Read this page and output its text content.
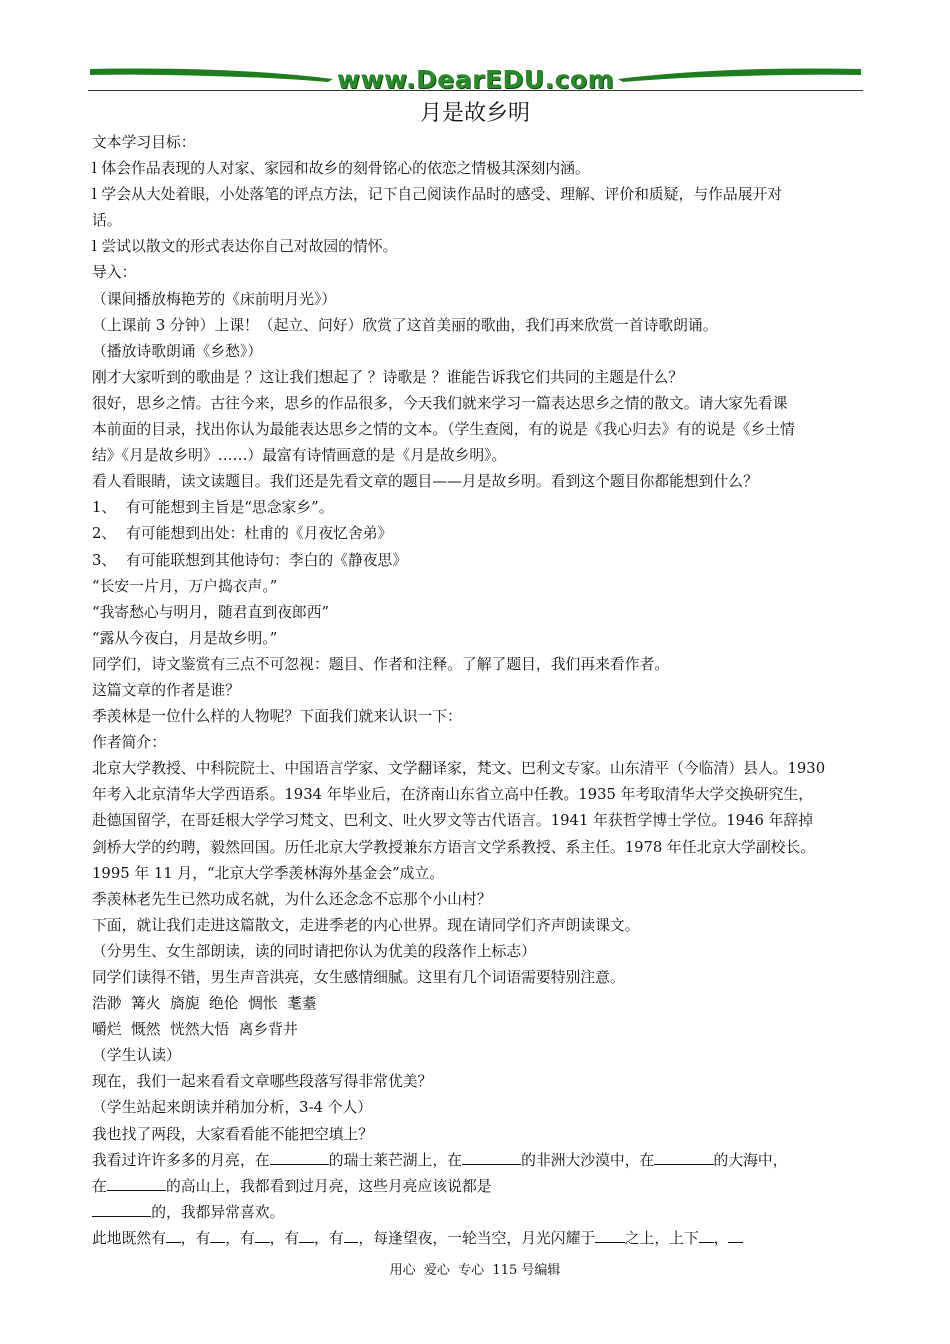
www.DearEDU.com
月是故乡明

文本学习目标：

l 体会作品表现的人对家、家园和故乡的刻骨铭心的依恋之情极其深刻内涵。

l 学会从大处着眼，小处落笔的评点方法，记下自己阅读作品时的感受、理解、评价和质疑，与作品展开对

话。

l 尝试以散文的形式表达你自己对故园的情怀。

导入：

（课间播放梅艳芳的《床前明月光》）

（上课前 3 分钟）上课！（起立、问好）欣赏了这首美丽的歌曲，我们再来欣赏一首诗歌朗诵。

（播放诗歌朗诵《乡愁》）

刚才大家听到的歌曲是 ？这让我们想起了 ？诗歌是 ？谁能告诉我它们共同的主题是什么？

很好，思乡之情。古往今来，思乡的作品很多，今天我们就来学习一篇表达思乡之情的散文。请大家先看课

本前面的目录，找出你认为最能表达思乡之情的文本。（学生查阅，有的说是《我心归去》有的说是《乡土情

结》《月是故乡明》……）最富有诗情画意的是《月是故乡明》。

看人看眼睛，读文读题目。我们还是先看文章的题目——月是故乡明。看到这个题目你都能想到什么？

1、 有可能想到主旨是“思念家乡”。

2、 有可能想到出处：杜甫的《月夜忆舍弟》

3、 有可能联想到其他诗句：李白的《静夜思》

“长安一片月，万户捣衣声。”

“我寄愁心与明月，随君直到夜郎西”

“露从今夜白，月是故乡明。”

同学们，诗文鉴赏有三点不可忽视：题目、作者和注释。了解了题目，我们再来看作者。

这篇文章的作者是谁？

季羡林是一位什么样的人物呢？下面我们就来认识一下：

作者简介：

北京大学教授、中科院院士、中国语言学家、文学翻译家，梵文、巴利文专家。山东清平（今临清）县人。1930

年考入北京清华大学西语系。1934 年毕业后，在济南山东省立高中任教。1935 年考取清华大学交换研究生，

赴德国留学，在哥廷根大学学习梵文、巴利文、吐火罗文等古代语言。1941 年获哲学博士学位。1946 年辞掉

剑桥大学的约聘，毅然回国。历任北京大学教授兼东方语言文学系教授、系主任。1978 年任北京大学副校长。

1995 年 11 月，“北京大学季羡林海外基金会”成立。

季羡林老先生已然功成名就，为什么还念念不忘那个小山村？

下面，就让我们走进这篇散文，走进季老的内心世界。现在请同学们齐声朗读课文。

（分男生、女生部朗读，读的同时请把你认为优美的段落作上标志）

同学们读得不错，男生声音洪亮，女生感情细腻。这里有几个词语需要特别注意。

浩渺  篝火  旖旎  绝伦  惆怅  耄耋

嚼烂  慨然  恍然大悟  离乡背井

（学生认读）

现在，我们一起来看看文章哪些段落写得非常优美？

（学生站起来朗读并稍加分析，3-4 个人）

我也找了两段，大家看看能不能把空填上？

我看过许许多多的月亮，在	的瑞士莱芒湖上，在	的非洲大沙漠中，在	的大海中，

在	的高山上，我都看到过月亮，这些月亮应该说都是

的，我都异常喜欢。

此地既然有 ，有 ，有 ，有 ，有 ，每逢望夜，一轮当空，月光闪耀于 之上，上下 ，

用心  爱心  专心  115 号编辑
